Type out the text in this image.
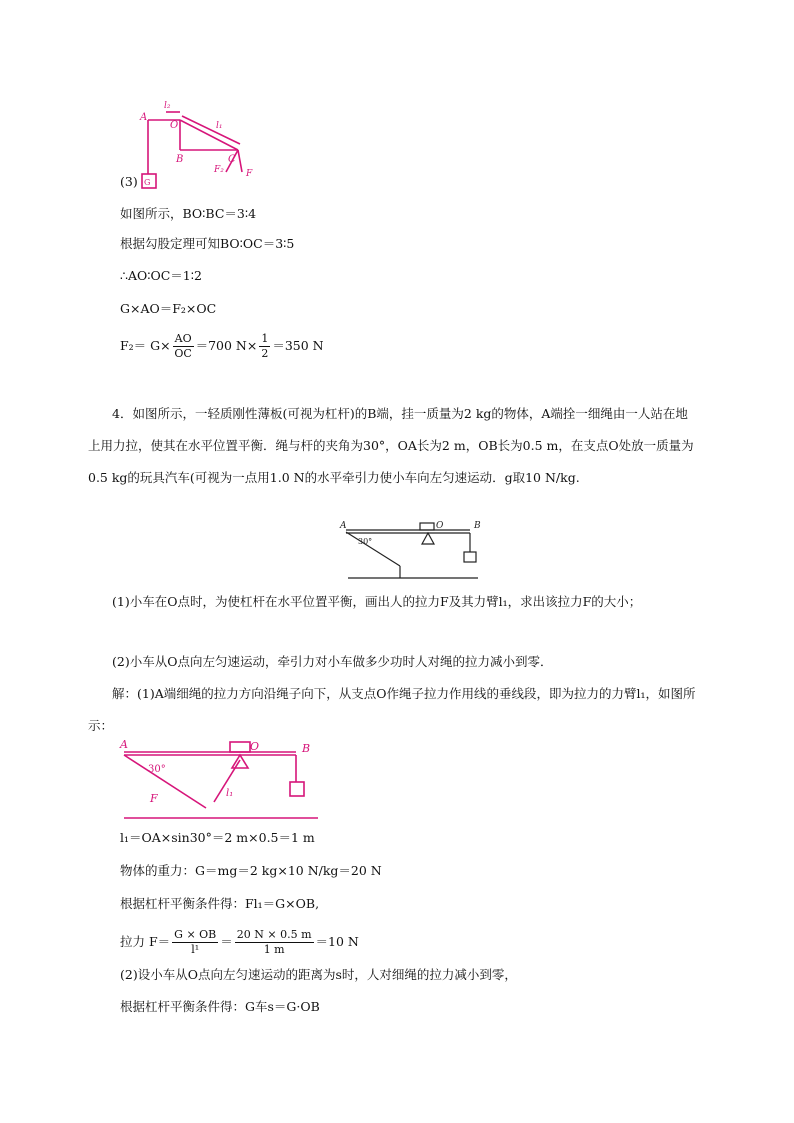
A
O
B	C
G
l₂
l₁
F₂ F
(3)
如图所示，BO∶BC＝3∶4
根据勾股定理可知BO∶OC＝3∶5
∴AO∶OC＝1∶2
G×AO＝F₂×OC
$F_2= G\times \frac{AO}{OC} =700$ $N\times \frac{1}{2} =350$ N
4．如图所示，一轻质刚性薄板(可视为杠杆)的B端，挂一质量为2 kg的物体，A端拴一细绳由一人站在地上用力拉，使其在水平位置平衡．绳与杆的夹角为30°，OA长为2 m，OB长为0.5 m，在支点O处放一质量为0.5 kg的玩具汽车(可视为一点用1.0 N的水平牵引力使小车向左匀速运动．g取10 N/kg.
A	O	B
30°
(1)小车在O点时，为使杠杆在水平位置平衡，画出人的拉力F及其力臂l₁，求出该拉力F的大小；
(2)小车从O点向左匀速运动，牵引力对小车做多少功时人对绳的拉力减小到零．
解：(1)A端细绳的拉力方向沿绳子向下，从支点O作绳子拉力作用线的垂线段，即为拉力的力臂l₁，如图所示：
A	O	B
30°
F	l₁
l₁＝OA×sin30°＝2 m×0.5＝1 m
物体的重力：G＝mg＝2 kg×10 N/kg＝20 N
根据杠杆平衡条件得：Fl₁＝G×OB,
拉力 $F= \frac{G \times OB}{\text{l¹}} = \frac{20 N \times 0.5 m}{1 m} =10$ N
(2)设小车从O点向左匀速运动的距离为s时，人对细绳的拉力减小到零，
根据杠杆平衡条件得：G车s＝G·OB
